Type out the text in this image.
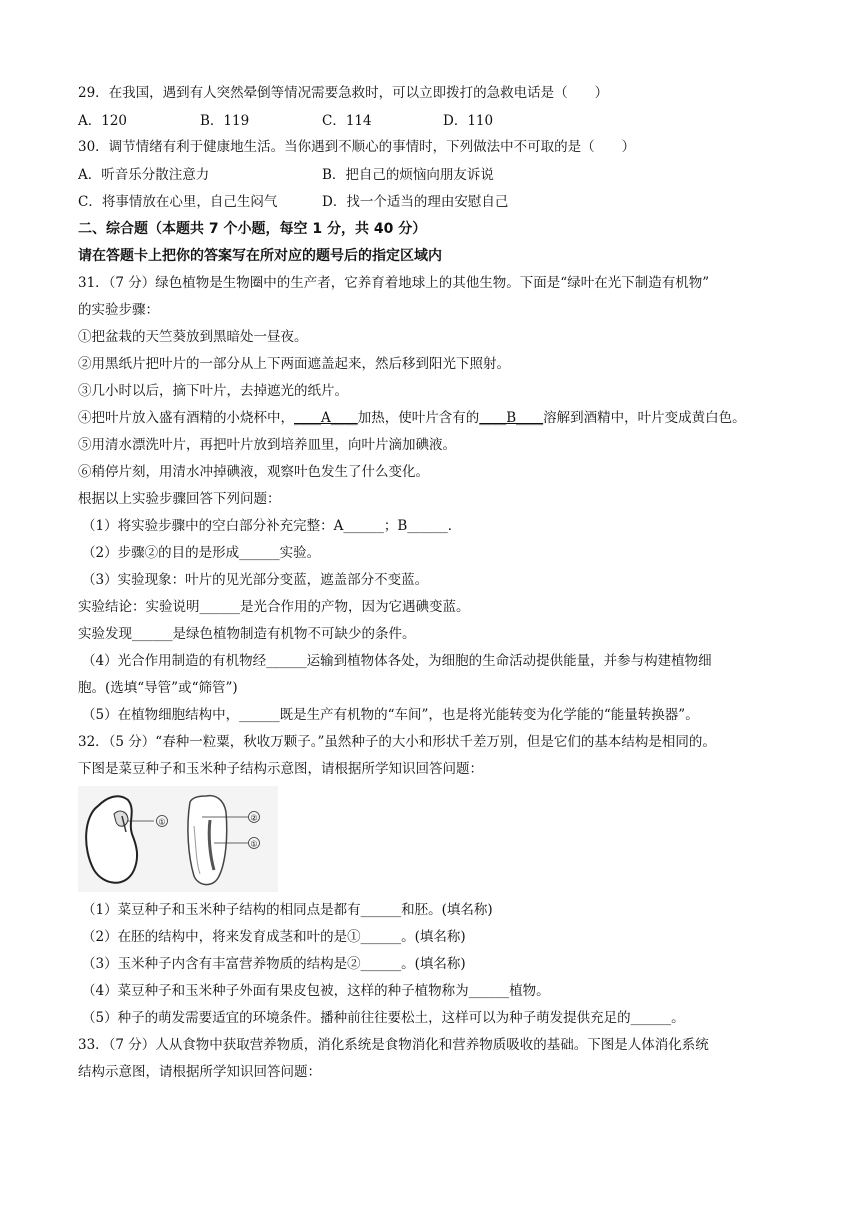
29．在我国，遇到有人突然晕倒等情况需要急救时，可以立即拨打的急救电话是（　　）
A．120	B．119	C．114	D．110
30．调节情绪有利于健康地生活。当你遇到不顺心的事情时，下列做法中不可取的是（　　）
A．听音乐分散注意力	B．把自己的烦恼向朋友诉说
C．将事情放在心里，自己生闷气	D．找一个适当的理由安慰自己
二、综合题（本题共 7 个小题，每空 1 分，共 40 分）
请在答题卡上把你的答案写在所对应的题号后的指定区域内
31．（7 分）绿色植物是生物圈中的生产者，它养育着地球上的其他生物。下面是“绿叶在光下制造有机物”
的实验步骤：
①把盆栽的天竺葵放到黑暗处一昼夜。
②用黑纸片把叶片的一部分从上下两面遮盖起来，然后移到阳光下照射。
③几小时以后，摘下叶片，去掉遮光的纸片。
④把叶片放入盛有酒精的小烧杯中，____A____加热，使叶片含有的____B____溶解到酒精中，叶片变成黄白色。
⑤用清水漂洗叶片，再把叶片放到培养皿里，向叶片滴加碘液。
⑥稍停片刻，用清水冲掉碘液，观察叶色发生了什么变化。
根据以上实验步骤回答下列问题：
（1）将实验步骤中的空白部分补充完整：A______；B______．
（2）步骤②的目的是形成______实验。
（3）实验现象：叶片的见光部分变蓝，遮盖部分不变蓝。
实验结论：实验说明______是光合作用的产物，因为它遇碘变蓝。
实验发现______是绿色植物制造有机物不可缺少的条件。
（4）光合作用制造的有机物经______运输到植物体各处，为细胞的生命活动提供能量，并参与构建植物细
胞。(选填“导管”或“筛管”)
（5）在植物细胞结构中，______既是生产有机物的“车间”，也是将光能转变为化学能的“能量转换器”。
32．（5 分）“春种一粒粟，秋收万颗子。”虽然种子的大小和形状千差万别，但是它们的基本结构是相同的。
下图是菜豆种子和玉米种子结构示意图，请根据所学知识回答问题：
①	②
①
（1）菜豆种子和玉米种子结构的相同点是都有______和胚。(填名称)
（2）在胚的结构中，将来发育成茎和叶的是①______。(填名称)
（3）玉米种子内含有丰富营养物质的结构是②______。(填名称)
（4）菜豆种子和玉米种子外面有果皮包被，这样的种子植物称为______植物。
（5）种子的萌发需要适宜的环境条件。播种前往往要松土，这样可以为种子萌发提供充足的______。
33．（7 分）人从食物中获取营养物质，消化系统是食物消化和营养物质吸收的基础。下图是人体消化系统
结构示意图，请根据所学知识回答问题：
